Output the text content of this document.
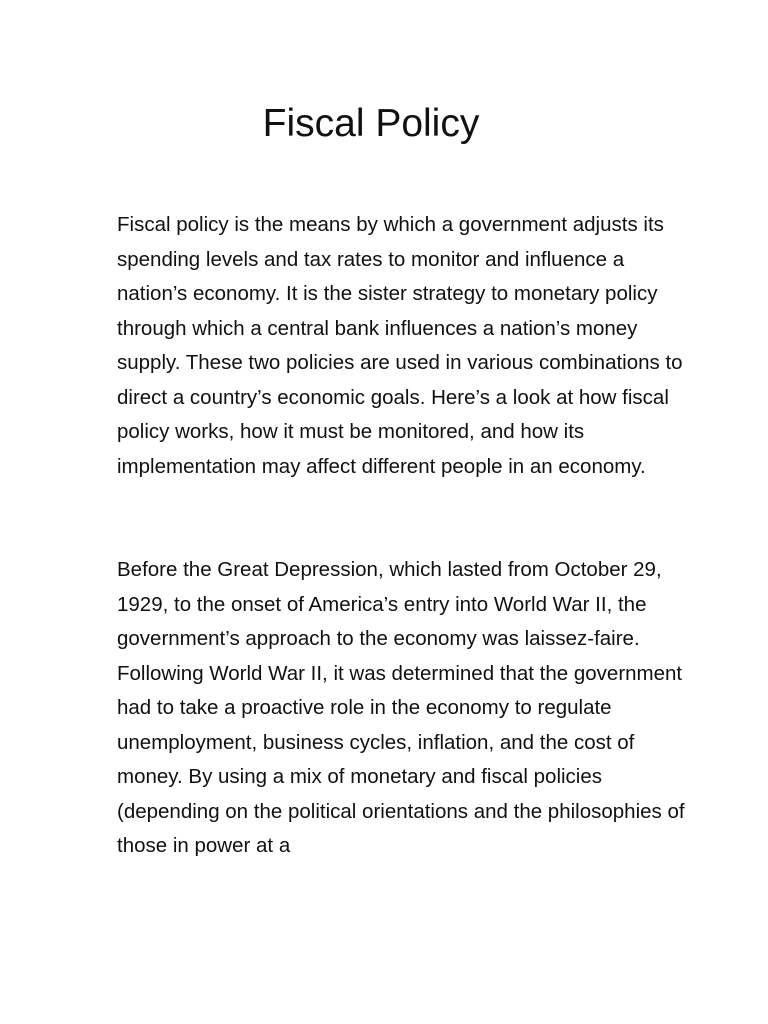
Fiscal Policy

Fiscal policy is the means by which a government adjusts its spending levels and tax rates to monitor and influence a nation’s economy. It is the sister strategy to monetary policy through which a central bank influences a nation’s money supply. These two policies are used in various combinations to direct a country’s economic goals. Here’s a look at how fiscal policy works, how it must be monitored, and how its implementation may affect different people in an economy.

Before the Great Depression, which lasted from October 29, 1929, to the onset of America’s entry into World War II, the government’s approach to the economy was laissez-faire. Following World War II, it was determined that the government had to take a proactive role in the economy to regulate unemployment, business cycles, inflation, and the cost of money. By using a mix of monetary and fiscal policies (depending on the political orientations and the philosophies of those in power at a
